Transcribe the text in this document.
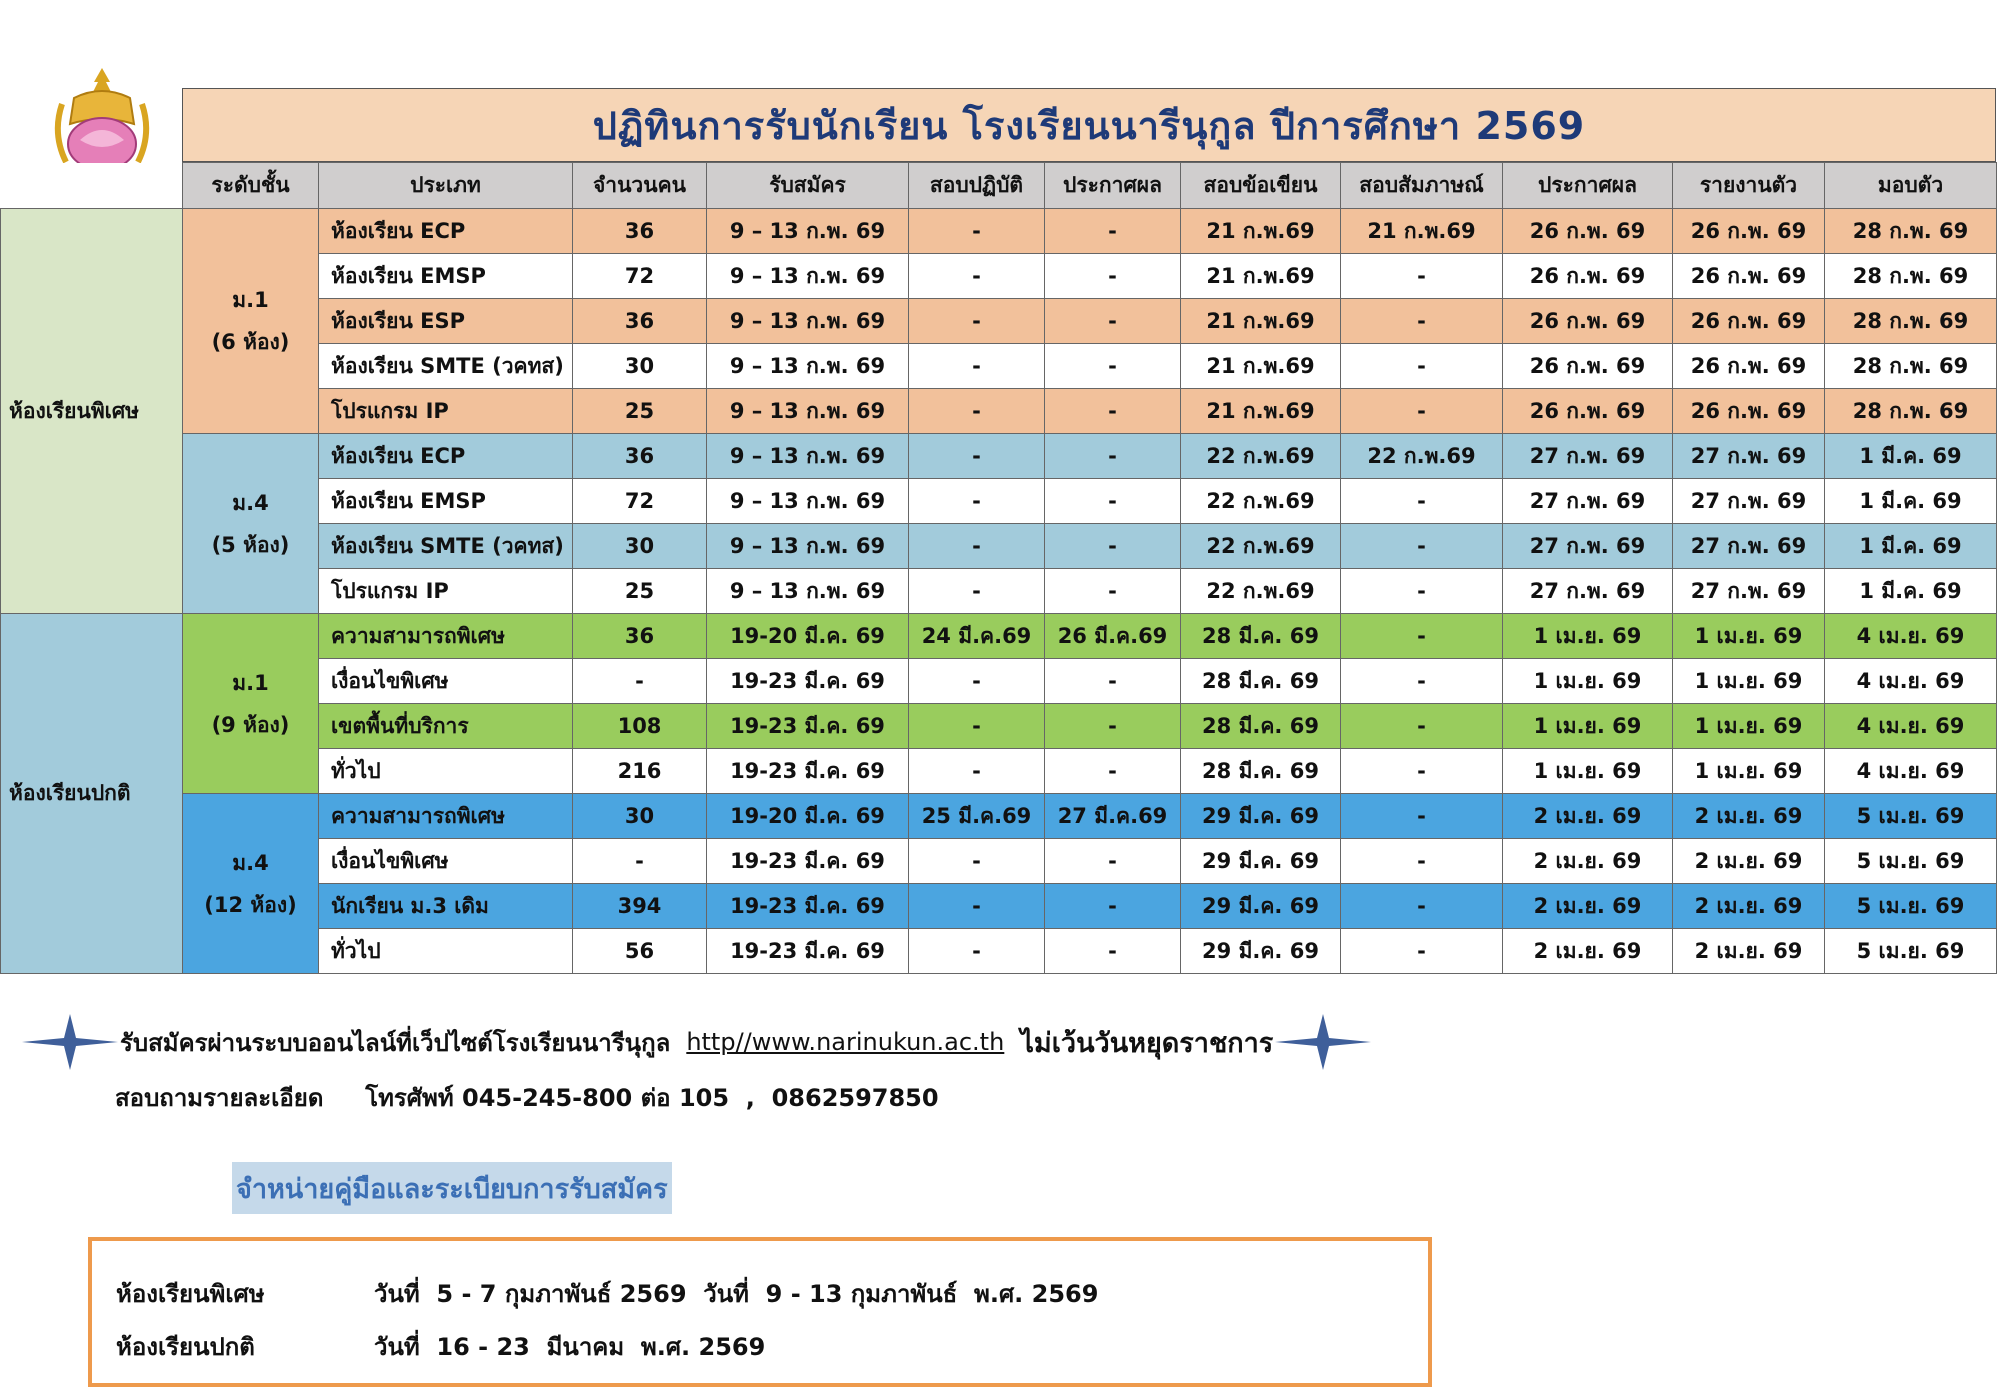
ปฏิทินการรับนักเรียน โรงเรียนนารีนุกูล ปีการศึกษา 2569
	ระดับชั้น	ประเภท	จำนวนคน	รับสมัคร	สอบปฏิบัติ	ประกาศผล	สอบข้อเขียน	สอบสัมภาษณ์	ประกาศผล	รายงานตัว	มอบตัว
ห้องเรียนพิเศษ	ม.1
(6 ห้อง)	ห้องเรียน ECP	36	9 – 13 ก.พ. 69	-	-	21 ก.พ.69	21 ก.พ.69	26 ก.พ. 69	26 ก.พ. 69	28 ก.พ. 69
		ห้องเรียน EMSP	72	9 – 13 ก.พ. 69	-	-	21 ก.พ.69	-	26 ก.พ. 69	26 ก.พ. 69	28 ก.พ. 69
		ห้องเรียน ESP	36	9 – 13 ก.พ. 69	-	-	21 ก.พ.69	-	26 ก.พ. 69	26 ก.พ. 69	28 ก.พ. 69
		ห้องเรียน SMTE (วคทส)	30	9 – 13 ก.พ. 69	-	-	21 ก.พ.69	-	26 ก.พ. 69	26 ก.พ. 69	28 ก.พ. 69
		โปรแกรม IP	25	9 – 13 ก.พ. 69	-	-	21 ก.พ.69	-	26 ก.พ. 69	26 ก.พ. 69	28 ก.พ. 69

	ม.4
(5 ห้อง)	ห้องเรียน ECP	36	9 – 13 ก.พ. 69	-	-	22 ก.พ.69	22 ก.พ.69	27 ก.พ. 69	27 ก.พ. 69	1 มี.ค. 69
		ห้องเรียน EMSP	72	9 – 13 ก.พ. 69	-	-	22 ก.พ.69	-	27 ก.พ. 69	27 ก.พ. 69	1 มี.ค. 69
		ห้องเรียน SMTE (วคทส)	30	9 – 13 ก.พ. 69	-	-	22 ก.พ.69	-	27 ก.พ. 69	27 ก.พ. 69	1 มี.ค. 69
		โปรแกรม IP	25	9 – 13 ก.พ. 69	-	-	22 ก.พ.69	-	27 ก.พ. 69	27 ก.พ. 69	1 มี.ค. 69
ห้องเรียนปกติ	ม.1
(9 ห้อง)	ความสามารถพิเศษ	36	19-20 มี.ค. 69	24 มี.ค.69	26 มี.ค.69	28 มี.ค. 69	-	1 เม.ย. 69	1 เม.ย. 69	4 เม.ย. 69
		เงื่อนไขพิเศษ	-	19-23 มี.ค. 69	-	-	28 มี.ค. 69	-	1 เม.ย. 69	1 เม.ย. 69	4 เม.ย. 69
		เขตพื้นที่บริการ	108	19-23 มี.ค. 69	-	-	28 มี.ค. 69	-	1 เม.ย. 69	1 เม.ย. 69	4 เม.ย. 69
		ทั่วไป	216	19-23 มี.ค. 69	-	-	28 มี.ค. 69	-	1 เม.ย. 69	1 เม.ย. 69	4 เม.ย. 69

	ม.4
(12 ห้อง)	ความสามารถพิเศษ	30	19-20 มี.ค. 69	25 มี.ค.69	27 มี.ค.69	29 มี.ค. 69	-	2 เม.ย. 69	2 เม.ย. 69	5 เม.ย. 69
		เงื่อนไขพิเศษ	-	19-23 มี.ค. 69	-	-	29 มี.ค. 69	-	2 เม.ย. 69	2 เม.ย. 69	5 เม.ย. 69
		นักเรียน ม.3 เดิม	394	19-23 มี.ค. 69	-	-	29 มี.ค. 69	-	2 เม.ย. 69	2 เม.ย. 69	5 เม.ย. 69
		ทั่วไป	56	19-23 มี.ค. 69	-	-	29 มี.ค. 69	-	2 เม.ย. 69	2 เม.ย. 69	5 เม.ย. 69
รับสมัครผ่านระบบออนไลน์ที่เว็ปไซต์โรงเรียนนารีนุกูล http//www.narinukun.ac.th ไม่เว้นวันหยุดราชการ
สอบถามรายละเอียด     โทรศัพท์ 045-245-800 ต่อ 105  ,  0862597850
จำหน่ายคู่มือและระเบียบการรับสมัคร
ห้องเรียนพิเศษ	วันที่  5 - 7 กุมภาพันธ์ 2569  วันที่  9 - 13 กุมภาพันธ์  พ.ศ. 2569
ห้องเรียนปกติ	วันที่  16 - 23  มีนาคม  พ.ศ. 2569
